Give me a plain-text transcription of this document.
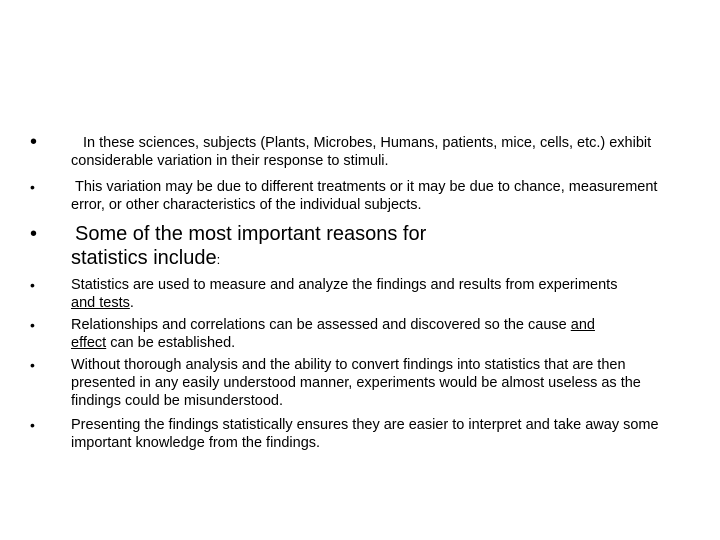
•	In these sciences, subjects (Plants, Microbes, Humans, patients, mice, cells, etc.) exhibit considerable variation in their response to stimuli.
•	This variation may be due to different treatments or it may be due to chance, measurement error, or other characteristics of the individual subjects.
• Some of the most important reasons for statistics include:
• Statistics are used to measure and analyze the findings and results from experiments and tests.
• Relationships and correlations can be assessed and discovered so the cause and effect can be established.
• Without thorough analysis and the ability to convert findings into statistics that are then presented in any easily understood manner, experiments would be almost useless as the findings could be misunderstood.
• Presenting the findings statistically ensures they are easier to interpret and take away some important knowledge from the findings.
